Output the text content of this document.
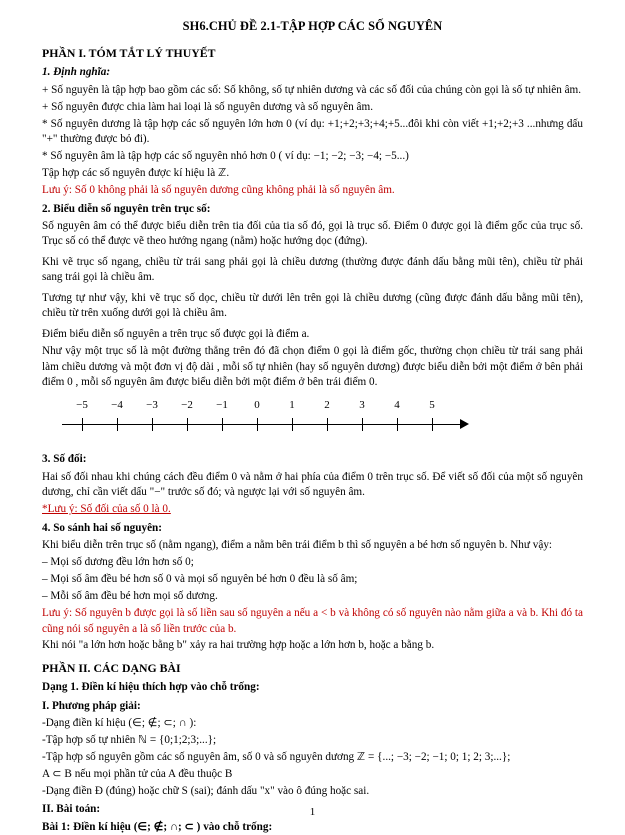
SH6.CHỦ ĐỀ 2.1-TẬP HỢP CÁC SỐ NGUYÊN
PHẦN I. TÓM TẮT LÝ THUYẾT
1. Định nghĩa:

+ Số nguyên là tập hợp bao gồm các số: Số không, số tự nhiên dương và các số đối của chúng còn gọi là số tự nhiên âm.

+ Số nguyên được chia làm hai loại là số nguyên dương và số nguyên âm.

* Số nguyên dương là tập hợp các số nguyên lớn hơn 0 (ví dụ: +1;+2;+3;+4;+5...đôi khi còn viết +1;+2;+3 ...nhưng dấu "+" thường được bỏ đi).

* Số nguyên âm là tập hợp các số nguyên nhỏ hơn 0 ( ví dụ: −1; −2; −3; −4; −5...)

Tập hợp các số nguyên được kí hiệu là ℤ.

Lưu ý: Số 0 không phải là số nguyên dương cũng không phải là số nguyên âm.

2. Biểu diễn số nguyên trên trục số:

Số nguyên âm có thể được biểu diễn trên tia đối của tia số đó, gọi là trục số. Điểm 0 được gọi là điểm gốc của trục số. Trục số có thể được vẽ theo hướng ngang (nằm) hoặc hướng dọc (đứng).

Khi vẽ trục số ngang, chiều từ trái sang phải gọi là chiều dương (thường được đánh dấu bằng mũi tên), chiều từ phải sang trái gọi là chiều âm.

Tương tự như vậy, khi vẽ trục số dọc, chiều từ dưới lên trên gọi là chiều dương (cũng được đánh dấu bằng mũi tên), chiều từ trên xuống dưới gọi là chiều âm.

Điểm biểu diễn số nguyên a trên trục số được gọi là điểm a.

Như vậy một trục số là một đường thẳng trên đó đã chọn điểm 0 gọi là điểm gốc, thường chọn chiều từ trái sang phải làm chiều dương và một đơn vị độ dài , mỗi số tự nhiên (hay số nguyên dương) được biểu diễn bởi một điểm ở bên phải điểm 0 , mỗi số nguyên âm được biểu diễn bởi một điểm ở bên trái điểm 0.

−5 −4 −3 −2 −1 0	1	2	3	4	5
3. Số đối:

Hai số đối nhau khi chúng cách đều điểm 0 và nằm ở hai phía của điểm 0 trên trục số. Để viết số đối của một số nguyên dương, chỉ cần viết dấu "−" trước số đó; và ngược lại với số nguyên âm.

*Lưu ý: Số đối của số 0 là 0.

4. So sánh hai số nguyên:

Khi biểu diễn trên trục số (nằm ngang), điểm a nằm bên trái điểm b thì số nguyên a bé hơn số nguyên b. Như vậy:

– Mọi số dương đều lớn hơn số 0;

– Mọi số âm đều bé hơn số 0 và mọi số nguyên bé hơn 0 đều là số âm;

– Mỗi số âm đều bé hơn mọi số dương.

Lưu ý: Số nguyên b được gọi là số liền sau số nguyên a nếu a < b và không có số nguyên nào nằm giữa a và b. Khi đó ta cũng nói số nguyên a là số liền trước của b.

Khi nói "a lớn hơn hoặc bằng b" xảy ra hai trường hợp hoặc a lớn hơn b, hoặc a bằng b.

PHẦN II. CÁC DẠNG BÀI
Dạng 1. Điền kí hiệu thích hợp vào chỗ trống:
I. Phương pháp giải:

-Dạng điền kí hiệu (∈; ∉; ⊂; ∩ ):

-Tập hợp số tự nhiên ℕ = {0;1;2;3;...};

-Tập hợp số nguyên gồm các số nguyên âm, số 0 và số nguyên dương ℤ = {...; −3; −2; −1; 0; 1; 2; 3;...};

A ⊂ B nếu mọi phần tử của A đều thuộc B

-Dạng điền Đ (đúng) hoặc chữ S (sai); đánh dấu "x" vào ô đúng hoặc sai.

II. Bài toán:

Bài 1: Điền kí hiệu (∈; ∉; ∩; ⊂ ) vào chỗ trống:

1
